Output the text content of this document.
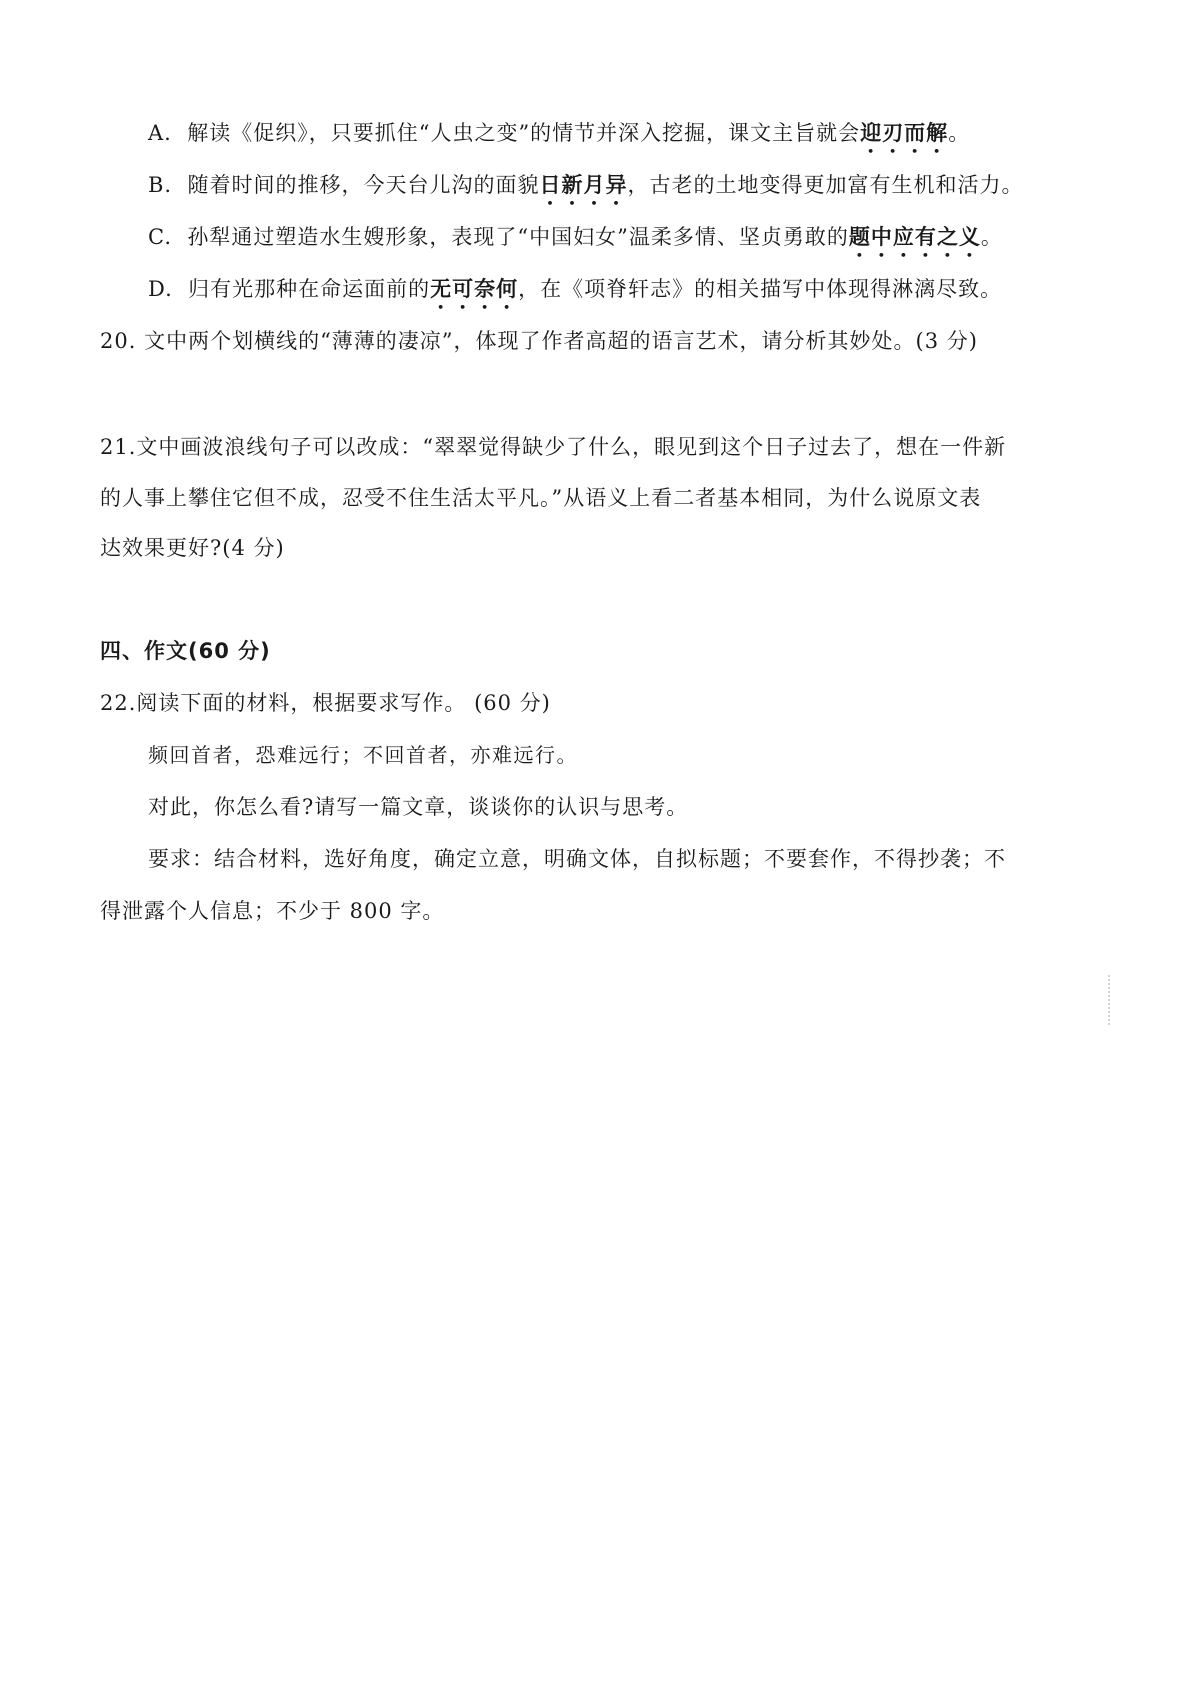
A. 解读《促织》，只要抓住“人虫之变”的情节并深入挖掘，课文主旨就会迎刃而解。
B. 随着时间的推移，今天台儿沟的面貌日新月异，古老的土地变得更加富有生机和活力。
C. 孙犁通过塑造水生嫂形象，表现了“中国妇女”温柔多情、坚贞勇敢的题中应有之义。
D. 归有光那种在命运面前的无可奈何，在《项脊轩志》的相关描写中体现得淋漓尽致。
20. 文中两个划横线的“薄薄的凄凉”，体现了作者高超的语言艺术，请分析其妙处。(3 分)
21.文中画波浪线句子可以改成：“翠翠觉得缺少了什么，眼见到这个日子过去了，想在一件新
的人事上攀住它但不成，忍受不住生活太平凡。”从语义上看二者基本相同，为什么说原文表
达效果更好?(4 分)
四、作文(60 分)
22.阅读下面的材料，根据要求写作。 (60 分)
频回首者，恐难远行；不回首者，亦难远行。
对此，你怎么看?请写一篇文章，谈谈你的认识与思考。
要求：结合材料，选好角度，确定立意，明确文体，自拟标题；不要套作，不得抄袭；不
得泄露个人信息；不少于 800 字。
